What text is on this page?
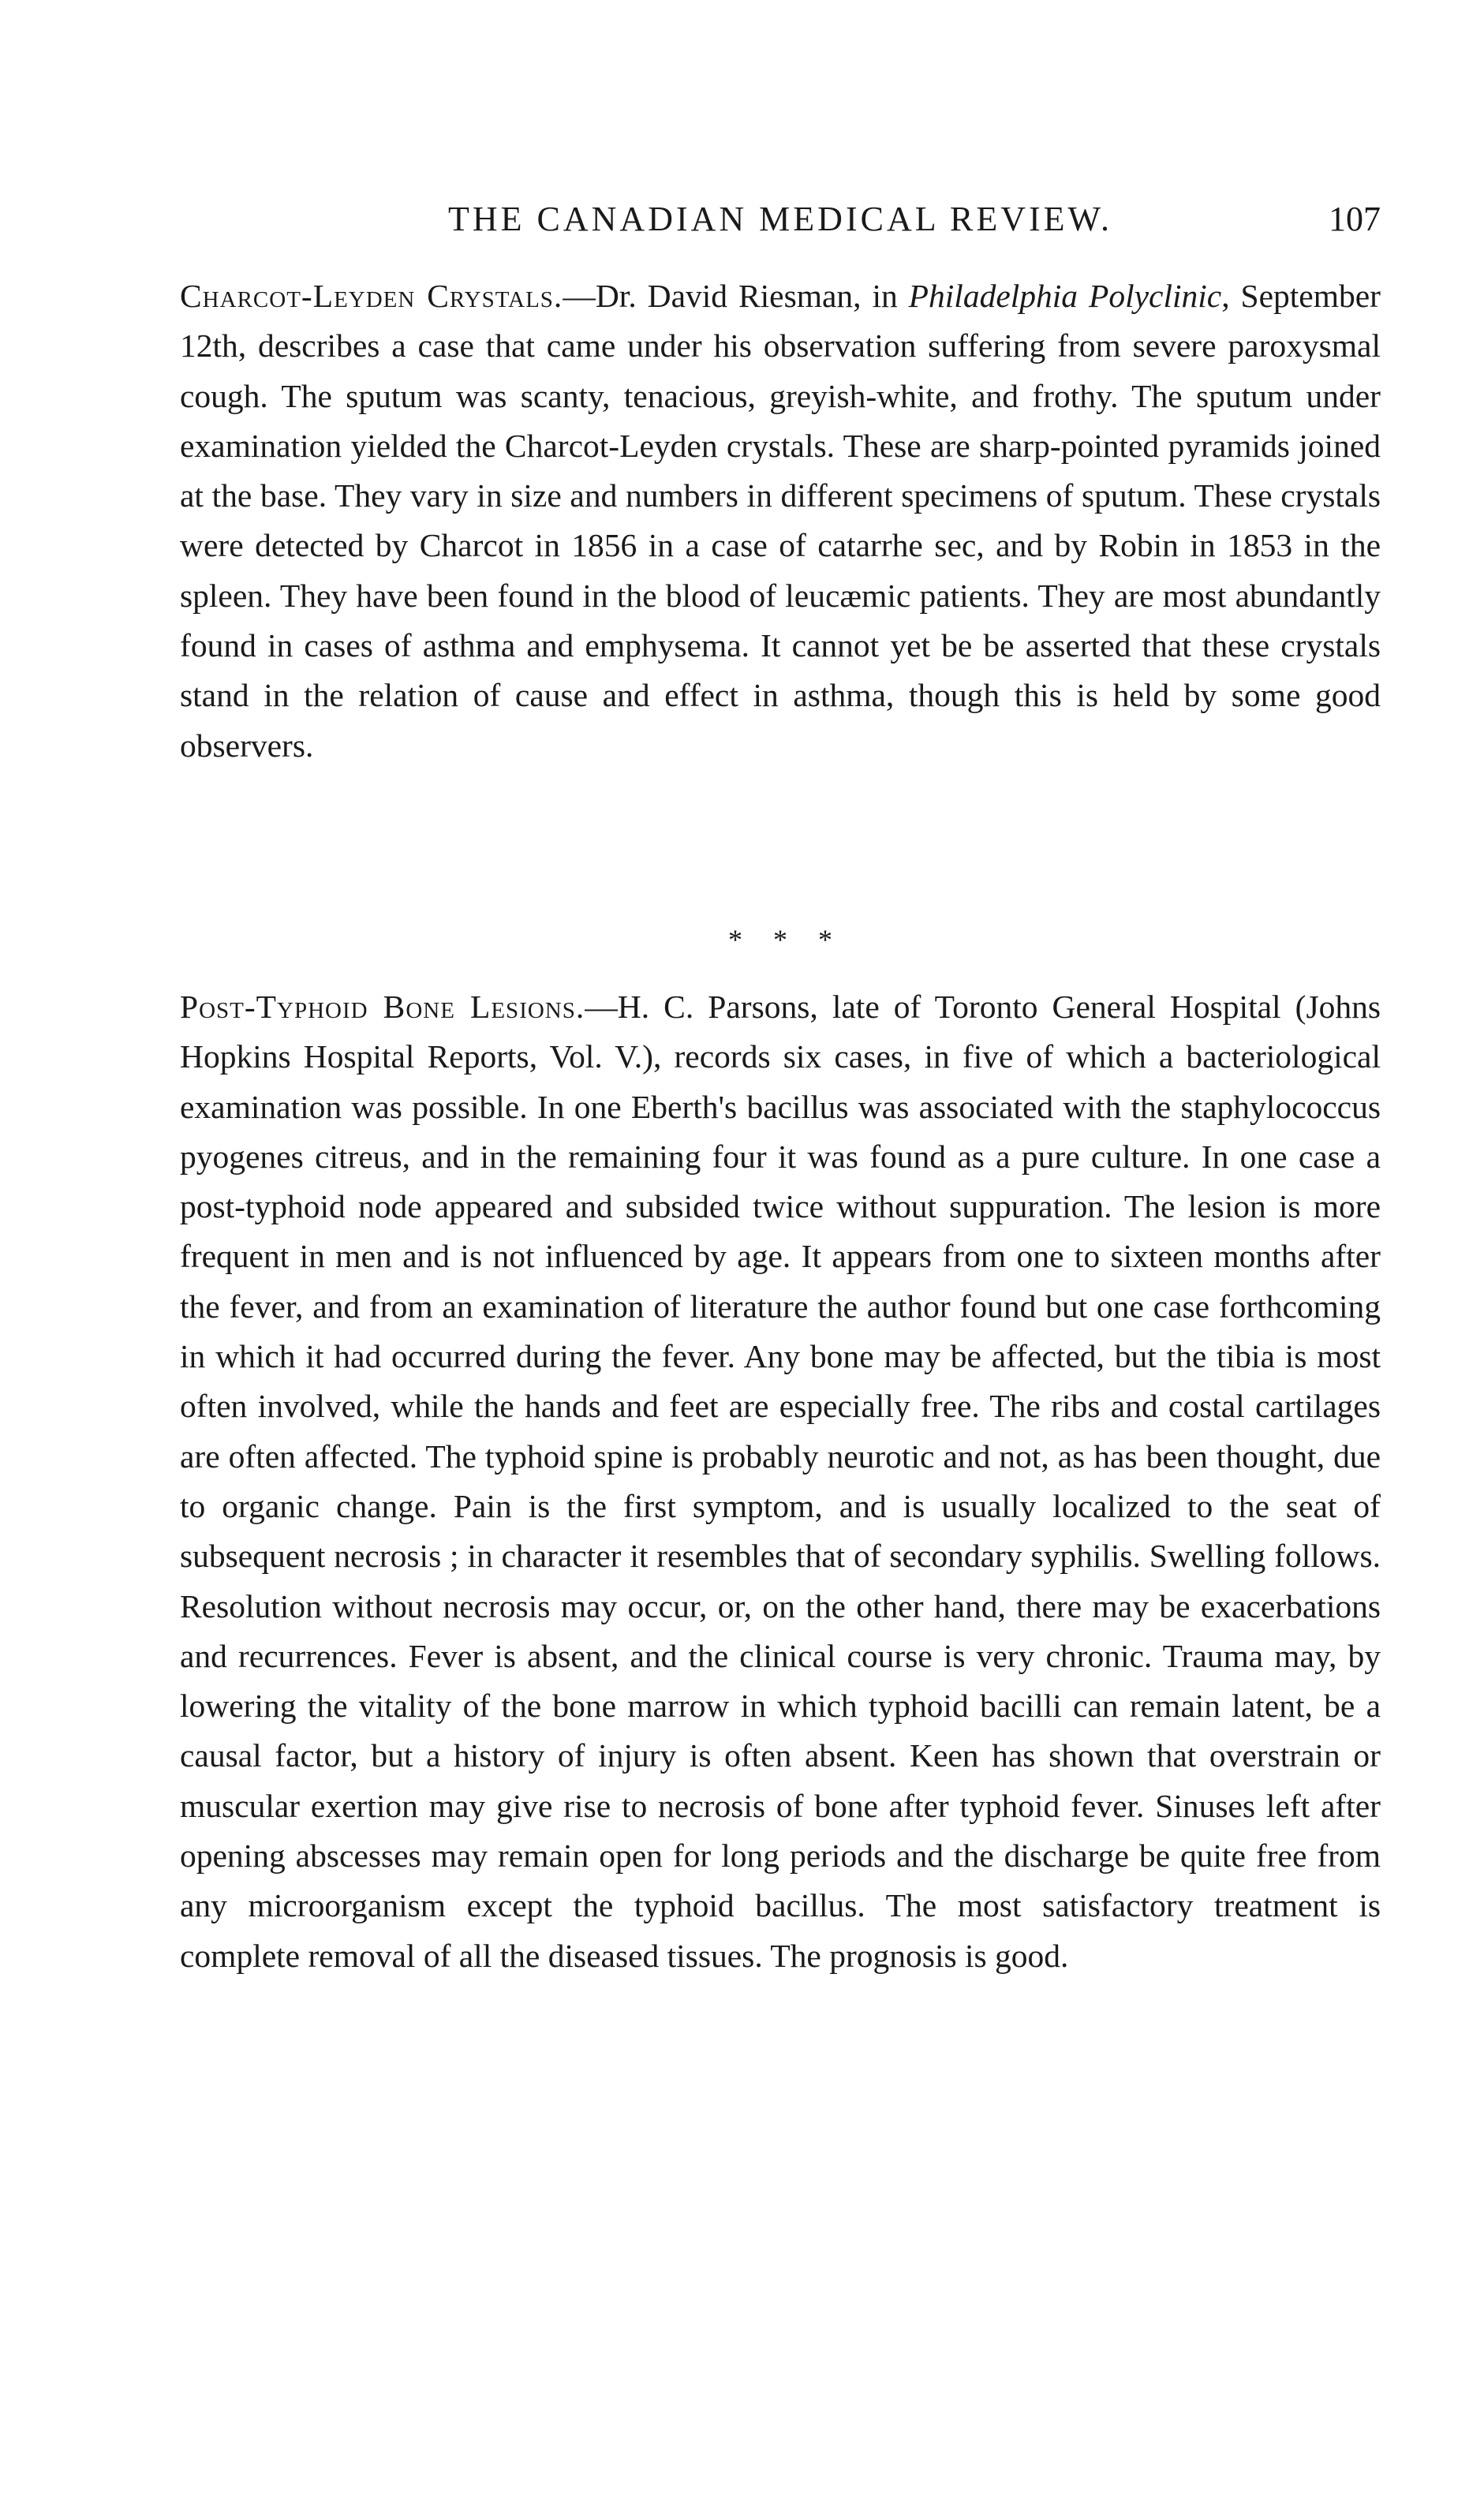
THE CANADIAN MEDICAL REVIEW.	107

Charcot-Leyden Crystals.—Dr. David Riesman, in Philadelphia Polyclinic, September 12th, describes a case that came under his observation suffering from severe paroxysmal cough. The sputum was scanty, tenacious, greyish-white, and frothy. The sputum under examination yielded the Charcot-Leyden crystals. These are sharp-pointed pyramids joined at the base. They vary in size and numbers in different specimens of sputum. These crystals were detected by Charcot in 1856 in a case of catarrhe sec, and by Robin in 1853 in the spleen. They have been found in the blood of leucæmic patients. They are most abundantly found in cases of asthma and emphysema. It cannot yet be be asserted that these crystals stand in the relation of cause and effect in asthma, though this is held by some good observers.

* * *

Post-Typhoid Bone Lesions.—H. C. Parsons, late of Toronto General Hospital (Johns Hopkins Hospital Reports, Vol. V.), records six cases, in five of which a bacteriological examination was possible. In one Eberth's bacillus was associated with the staphylococcus pyogenes citreus, and in the remaining four it was found as a pure culture. In one case a post-typhoid node appeared and subsided twice without suppuration. The lesion is more frequent in men and is not influenced by age. It appears from one to sixteen months after the fever, and from an examination of literature the author found but one case forthcoming in which it had occurred during the fever. Any bone may be affected, but the tibia is most often involved, while the hands and feet are especially free. The ribs and costal cartilages are often affected. The typhoid spine is probably neurotic and not, as has been thought, due to organic change. Pain is the first symptom, and is usually localized to the seat of subsequent necrosis ; in character it resembles that of secondary syphilis. Swelling follows. Resolution without necrosis may occur, or, on the other hand, there may be exacerbations and recurrences. Fever is absent, and the clinical course is very chronic. Trauma may, by lowering the vitality of the bone marrow in which typhoid bacilli can remain latent, be a causal factor, but a history of injury is often absent. Keen has shown that overstrain or muscular exertion may give rise to necrosis of bone after typhoid fever. Sinuses left after opening abscesses may remain open for long periods and the discharge be quite free from any microorganism except the typhoid bacillus. The most satisfactory treatment is complete removal of all the diseased tissues. The prognosis is good.
